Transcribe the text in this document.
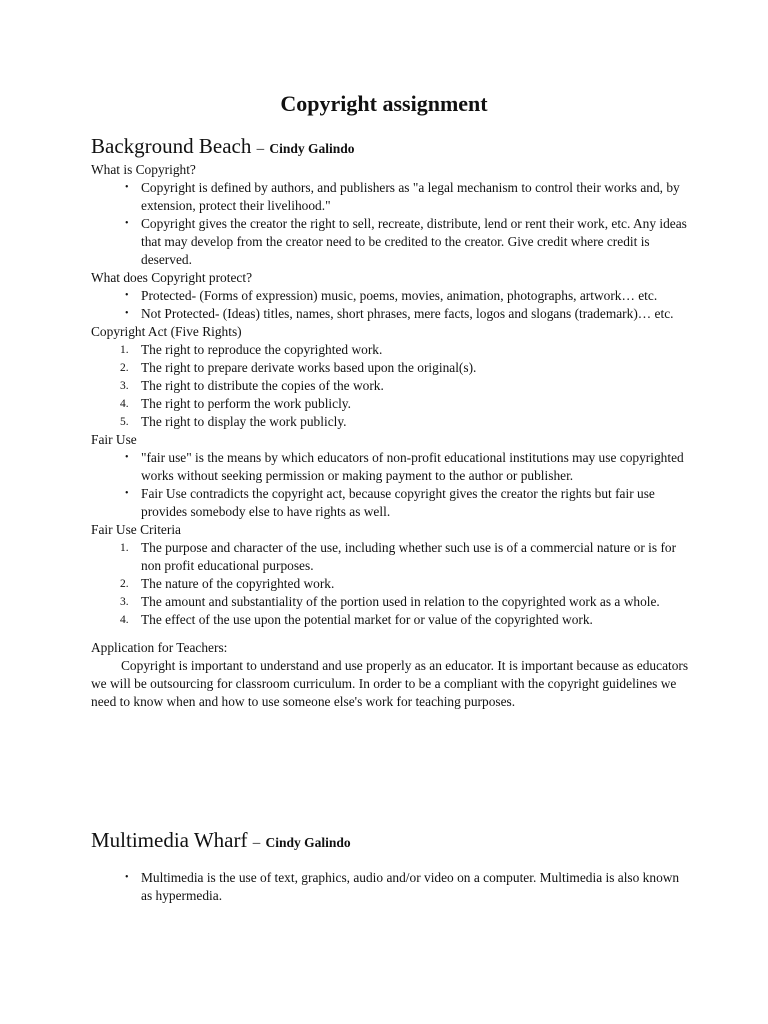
Copyright assignment
Background Beach – Cindy Galindo

What is Copyright?

• Copyright is defined by authors, and publishers as "a legal mechanism to control their works and, by extension, protect their livelihood."
• Copyright gives the creator the right to sell, recreate, distribute, lend or rent their work, etc. Any ideas that may develop from the creator need to be credited to the creator. Give credit where credit is deserved.

What does Copyright protect?

• Protected- (Forms of expression) music, poems, movies, animation, photographs, artwork… etc.
• Not Protected- (Ideas) titles, names, short phrases, mere facts, logos and slogans (trademark)… etc.

Copyright Act (Five Rights)

1. The right to reproduce the copyrighted work.
2. The right to prepare derivate works based upon the original(s).
3. The right to distribute the copies of the work.
4. The right to perform the work publicly.
5. The right to display the work publicly.

Fair Use

• "fair use" is the means by which educators of non-profit educational institutions may use copyrighted works without seeking permission or making payment to the author or publisher.
• Fair Use contradicts the copyright act, because copyright gives the creator the rights but fair use provides somebody else to have rights as well.

Fair Use Criteria

1. The purpose and character of the use, including whether such use is of a commercial nature or is for non profit educational purposes.
2. The nature of the copyrighted work.
3. The amount and substantiality of the portion used in relation to the copyrighted work as a whole.
4. The effect of the use upon the potential market for or value of the copyrighted work.

Application for Teachers:

Copyright is important to understand and use properly as an educator. It is important because as educators we will be outsourcing for classroom curriculum. In order to be a compliant with the copyright guidelines we need to know when and how to use someone else's work for teaching purposes.

Multimedia Wharf – Cindy Galindo
• Multimedia is the use of text, graphics, audio and/or video on a computer. Multimedia is also known as hypermedia.
